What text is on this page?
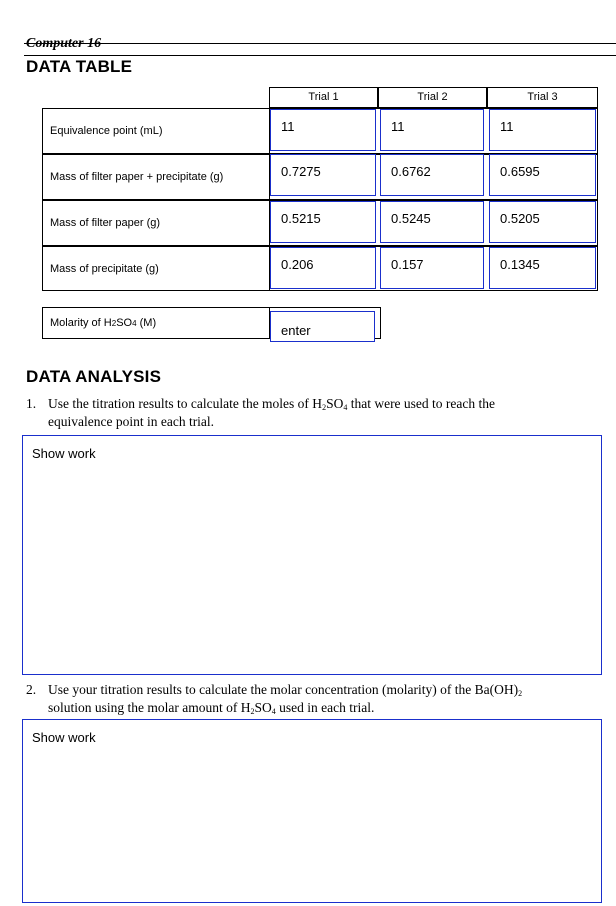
Computer 16
DATA TABLE
Trial 1	Trial 2	Trial 3
Equivalence point (mL)	11	11	11
Mass of filter paper + precipitate (g)	0.7275	0.6762	0.6595
Mass of filter paper (g)	0.5215	0.5245	0.5205
Mass of precipitate (g)	0.206	0.157	0.1345
Molarity of H 2 SO 4 (M)	enter
DATA ANALYSIS
1. Use the titration results to calculate the moles of $H_2SO_4$ that were used to reach the
equivalence point in each trial.
Show work
2. Use your titration results to calculate the molar concentration (molarity) of the $Ba(OH)_2$
solution using the molar amount of $H_2SO_4$ used in each trial.
Show work
